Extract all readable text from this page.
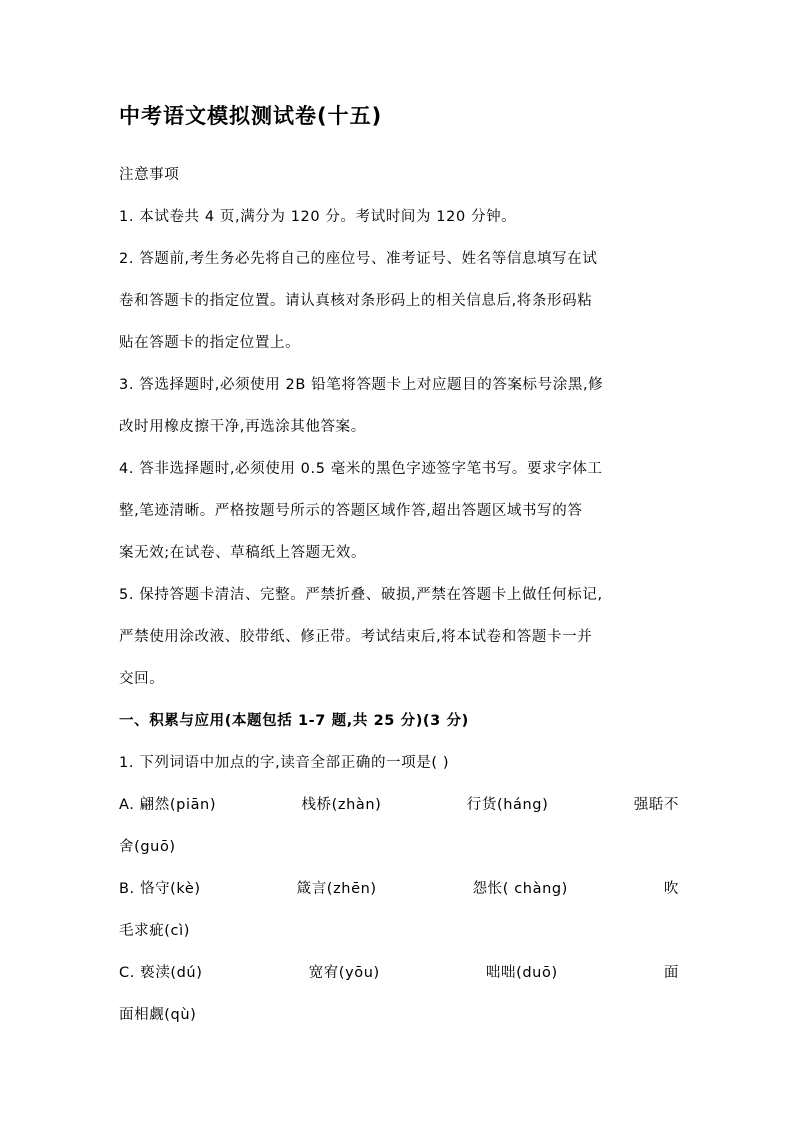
中考语文模拟测试卷(十五)
注意事项
1. 本试卷共 4 页,满分为 120 分。考试时间为 120 分钟。
2. 答题前,考生务必先将自己的座位号、准考证号、姓名等信息填写在试
卷和答题卡的指定位置。请认真核对条形码上的相关信息后,将条形码粘
贴在答题卡的指定位置上。
3. 答选择题时,必须使用 2B 铅笔将答题卡上对应题目的答案标号涂黑,修
改时用橡皮擦干净,再选涂其他答案。
4. 答非选择题时,必须使用 0.5 毫米的黑色字迹签字笔书写。要求字体工
整,笔迹清晰。严格按题号所示的答题区域作答,超出答题区域书写的答
案无效;在试卷、草稿纸上答题无效。
5. 保持答题卡清洁、完整。严禁折叠、破损,严禁在答题卡上做任何标记,
严禁使用涂改液、胶带纸、修正带。考试结束后,将本试卷和答题卡一并
交回。
一、积累与应用(本题包括 1-7 题,共 25 分)(3 分)
1. 下列词语中加点的字,读音全部正确的一项是( )
A. 翩然(piān)	栈桥(zhàn)	行货(háng)	强聒不
舍(guō)
B. 恪守(kè)	箴言(zhēn)	怨怅( chàng)	吹
毛求疵(cì)
C. 亵渎(dú)	宽宥(yōu)	咄咄(duō)	面
面相觑(qù)
